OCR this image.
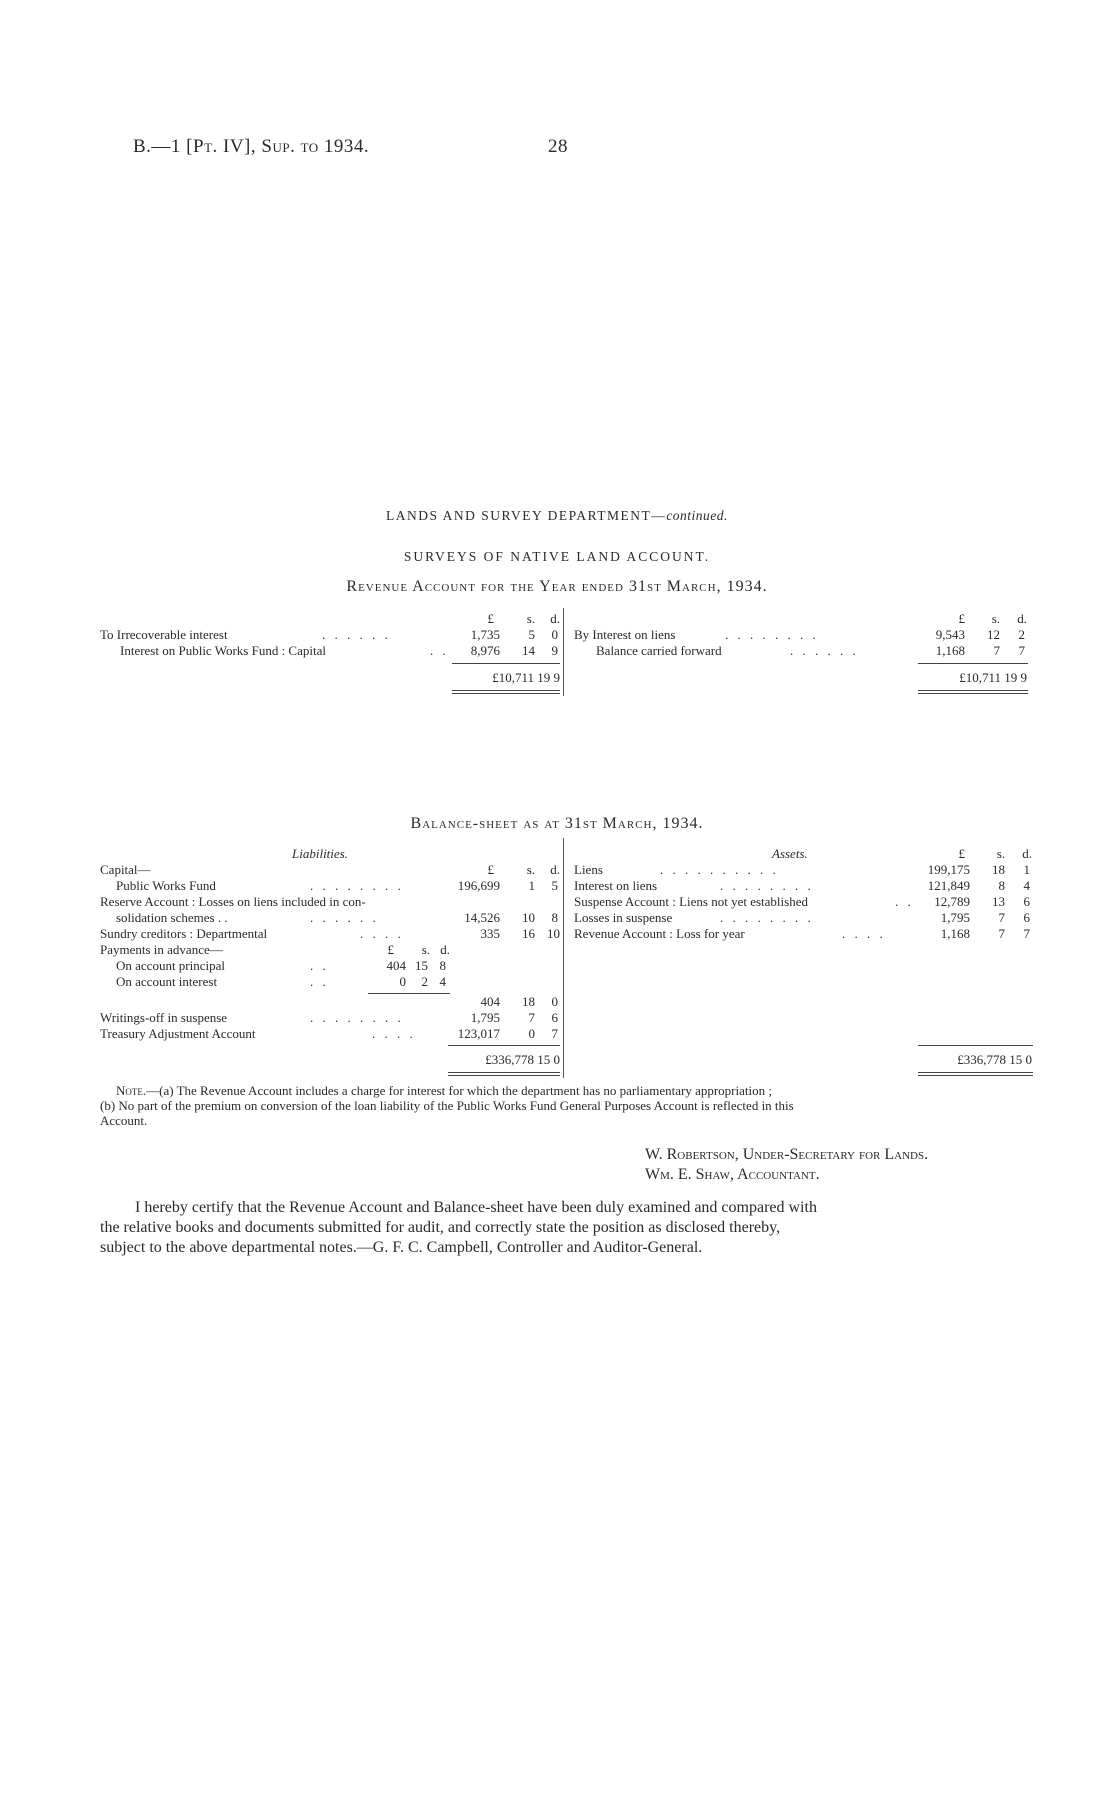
B.—1 [Pt. IV], Sup. to 1934.	28
LANDS AND SURVEY DEPARTMENT—continued.
SURVEYS OF NATIVE LAND ACCOUNT.
Revenue Account for the Year ended 31st March, 1934.
£	s.	d.
To Irrecoverable interest	. . . . . .	1,735	5	0
Interest on Public Works Fund : Capital	. .	8,976	14	9
£10,711 19 9
£	s.	d.
By Interest on liens	. . . . . . . .	9,543	12	2
Balance carried forward	. . . . . .	1,168	7	7
£10,711 19 9
Balance-sheet as at 31st March, 1934.
Liabilities.	Assets.
£	s.	d.
£	s.	d.
Capital—
Public Works Fund	. . . . . . . .	196,699	1	5
Reserve Account : Losses on liens included in con-
solidation schemes . .	. . . . . .	14,526	10	8
Sundry creditors : Departmental	. . . .	335	16 10
Payments in advance—	£	s. d.
On account principal	. .	404 15 8
On account interest	. .	0	2 4
404	18	0
Writings-off in suspense	. . . . . . . .	1,795	7	6
Treasury Adjustment Account	. . . .	123,017	0	7
£336,778 15 0
Liens	. . . . . . . . . .	199,175	18	1
Interest on liens	. . . . . . . .	121,849	8	4
Suspense Account : Liens not yet established	. .	12,789	13	6
Losses in suspense	. . . . . . . .	1,795	7	6
Revenue Account : Loss for year	. . . .	1,168	7	7
£336,778 15 0
Note.—(a) The Revenue Account includes a charge for interest for which the department has no parliamentary appropriation ;
(b) No part of the premium on conversion of the loan liability of the Public Works Fund General Purposes Account is reflected in this
Account.
W. Robertson, Under-Secretary for Lands.
Wm. E. Shaw, Accountant.
I hereby certify that the Revenue Account and Balance-sheet have been duly examined and compared with
the relative books and documents submitted for audit, and correctly state the position as disclosed thereby,
subject to the above departmental notes.—G. F. C. Campbell, Controller and Auditor-General.
